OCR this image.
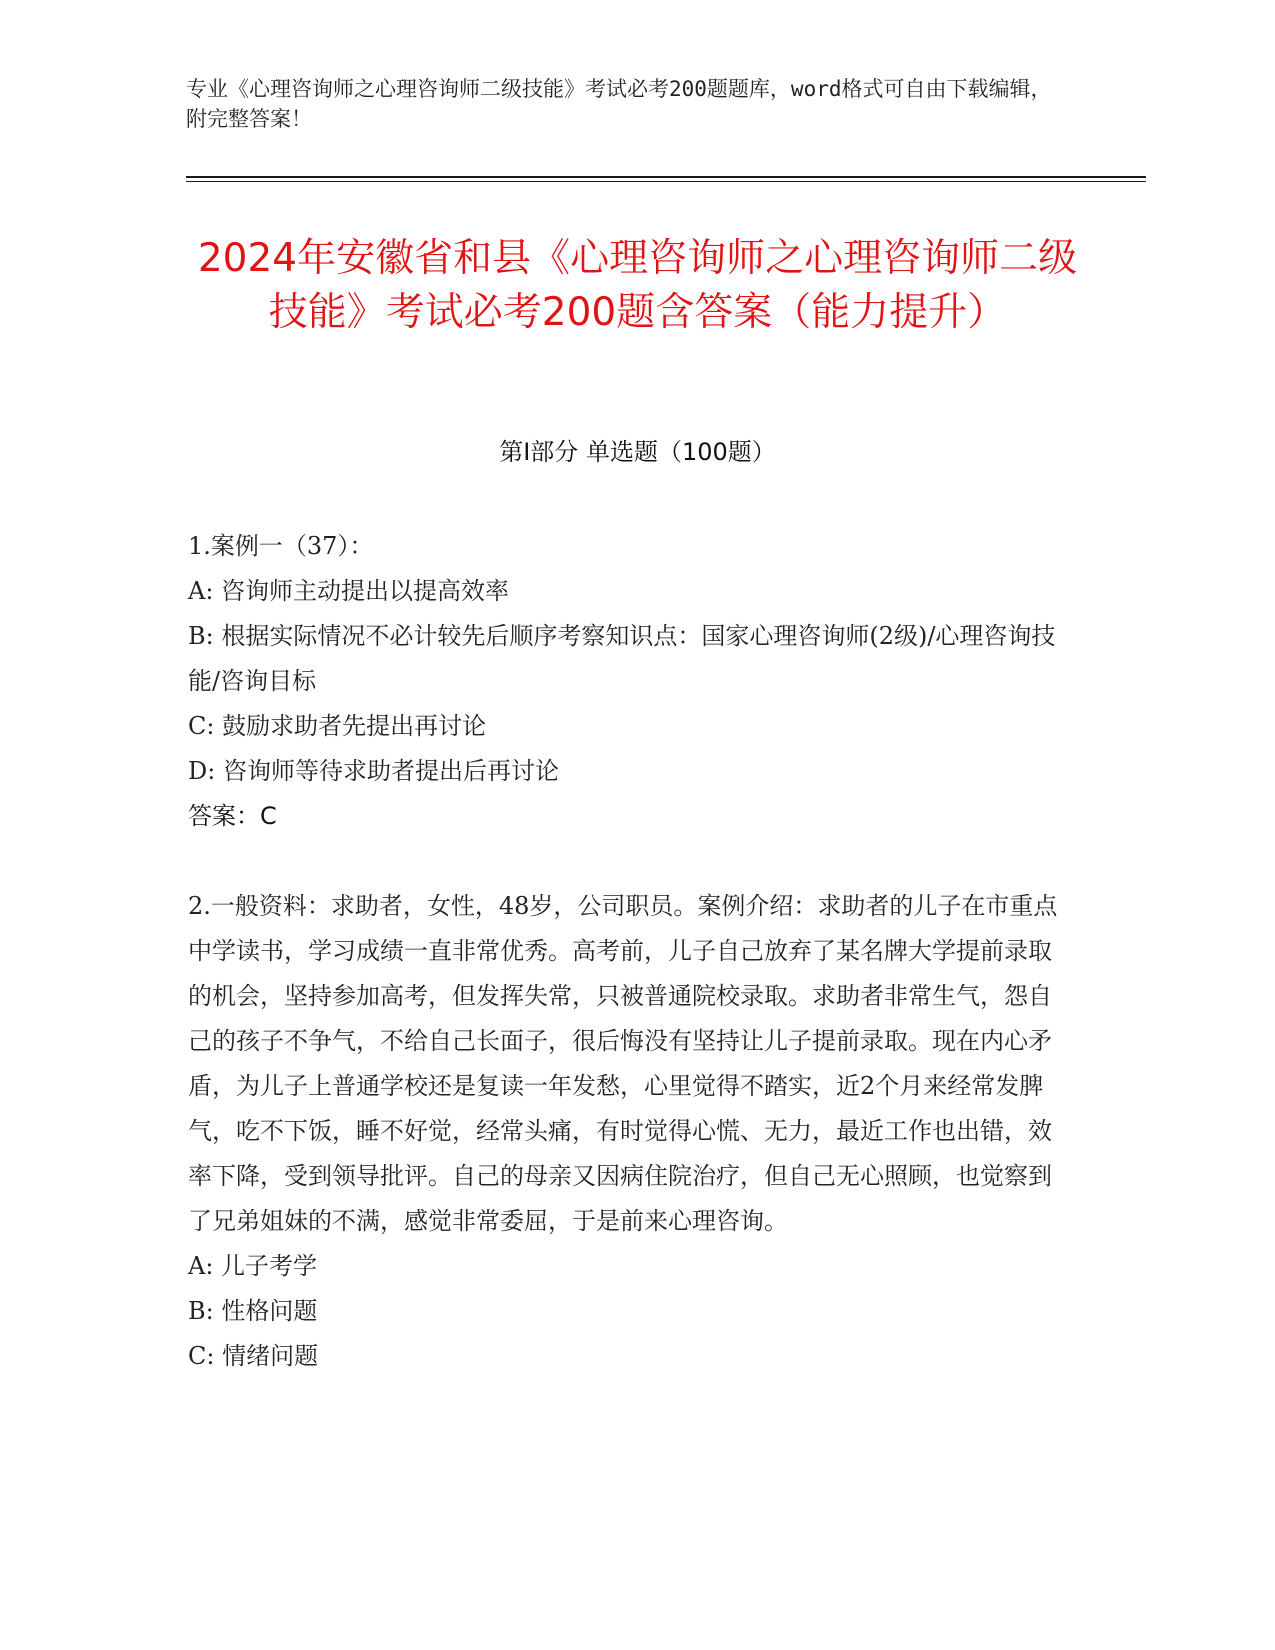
专业《心理咨询师之心理咨询师二级技能》考试必考200题题库，word格式可自由下载编辑，附完整答案！
2024年安徽省和县《心理咨询师之心理咨询师二级技能》考试必考200题含答案（能力提升）
第I部分 单选题（100题）
1.案例一（37）：
A: 咨询师主动提出以提高效率
B: 根据实际情况不必计较先后顺序考察知识点：国家心理咨询师(2级)/心理咨询技能/咨询目标
C: 鼓励求助者先提出再讨论
D: 咨询师等待求助者提出后再讨论
答案：C
2.一般资料：求助者，女性，48岁，公司职员。案例介绍：求助者的儿子在市重点中学读书，学习成绩一直非常优秀。高考前，儿子自己放弃了某名牌大学提前录取的机会，坚持参加高考，但发挥失常，只被普通院校录取。求助者非常生气，怨自己的孩子不争气，不给自己长面子，很后悔没有坚持让儿子提前录取。现在内心矛盾，为儿子上普通学校还是复读一年发愁，心里觉得不踏实，近2个月来经常发脾气，吃不下饭，睡不好觉，经常头痛，有时觉得心慌、无力，最近工作也出错，效率下降，受到领导批评。自己的母亲又因病住院治疗，但自己无心照顾，也觉察到了兄弟姐妹的不满，感觉非常委屈，于是前来心理咨询。
A: 儿子考学
B: 性格问题
C: 情绪问题
